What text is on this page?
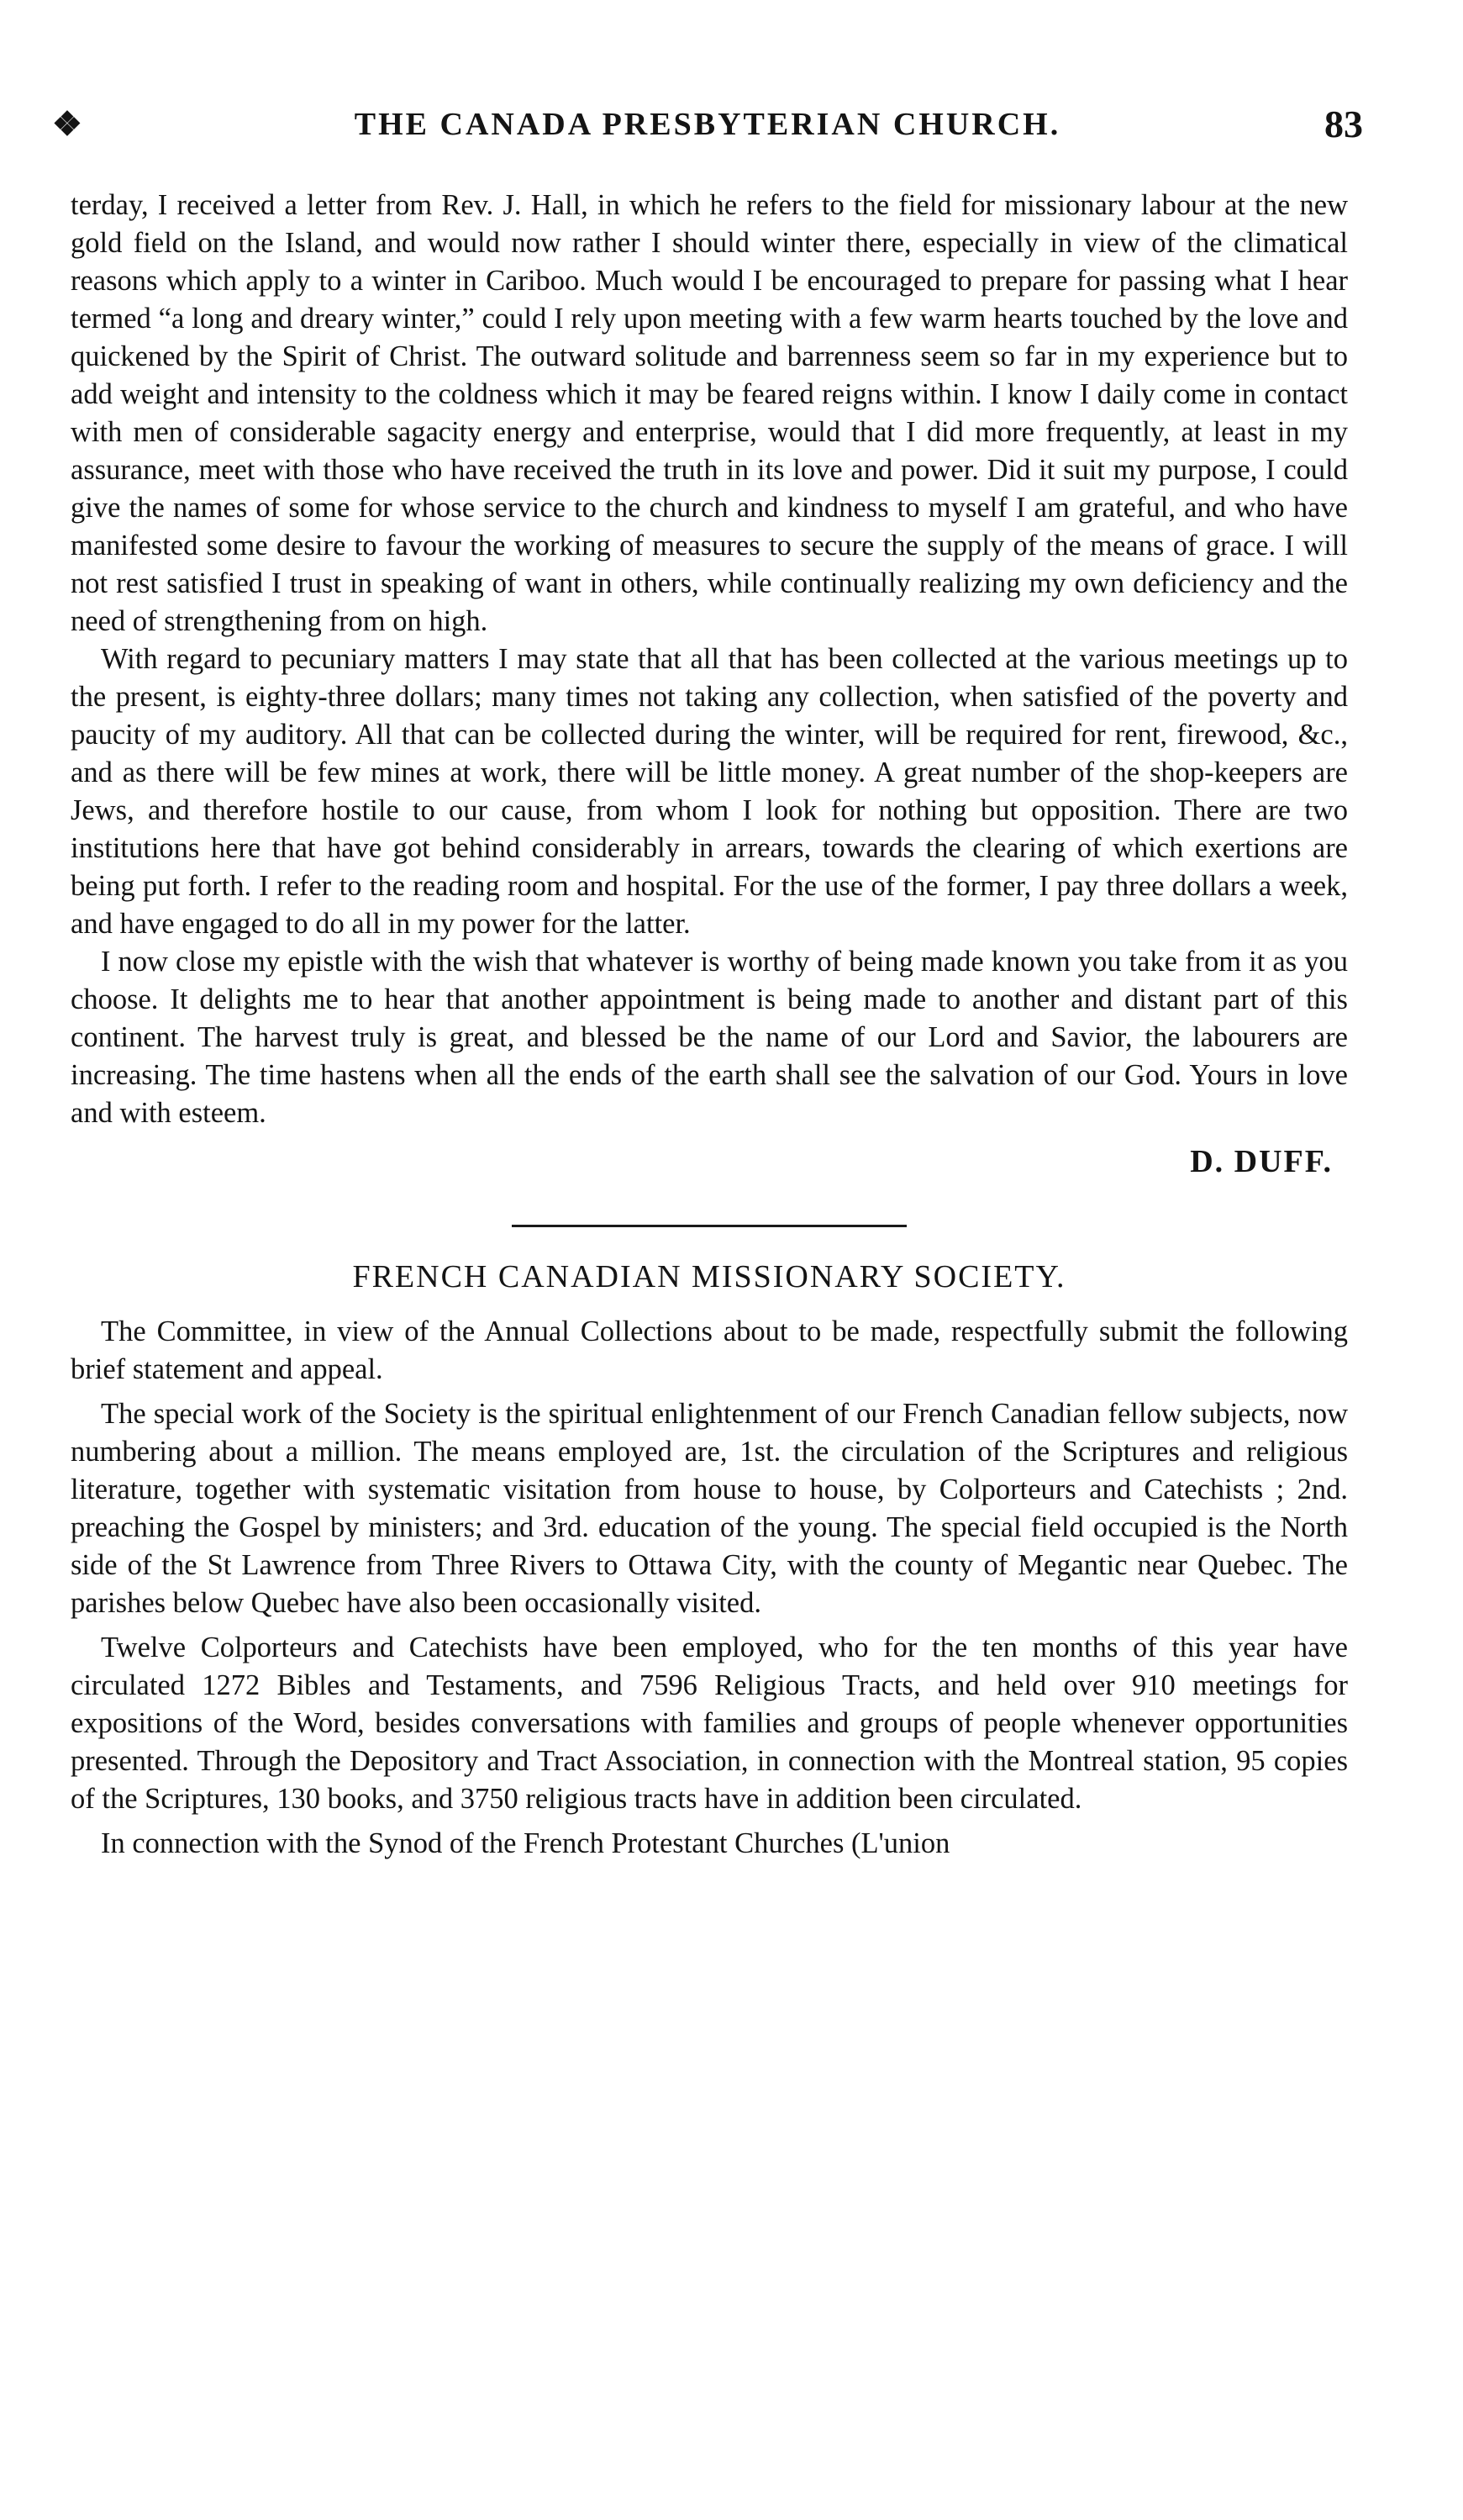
❖	THE CANADA PRESBYTERIAN CHURCH.	83

terday, I received a letter from Rev. J. Hall, in which he refers to the field for missionary labour at the new gold field on the Island, and would now rather I should winter there, especially in view of the climatical reasons which apply to a winter in Cariboo. Much would I be encouraged to prepare for passing what I hear termed “a long and dreary winter,” could I rely upon meeting with a few warm hearts touched by the love and quickened by the Spirit of Christ. The outward solitude and barrenness seem so far in my experience but to add weight and intensity to the coldness which it may be feared reigns within. I know I daily come in contact with men of considerable sagacity energy and enterprise, would that I did more frequently, at least in my assurance, meet with those who have received the truth in its love and power. Did it suit my purpose, I could give the names of some for whose service to the church and kindness to myself I am grateful, and who have manifested some desire to favour the working of measures to secure the supply of the means of grace. I will not rest satisfied I trust in speaking of want in others, while continually realizing my own deficiency and the need of strengthening from on high.

With regard to pecuniary matters I may state that all that has been collected at the various meetings up to the present, is eighty-three dollars; many times not taking any collection, when satisfied of the poverty and paucity of my auditory. All that can be collected during the winter, will be required for rent, firewood, &c., and as there will be few mines at work, there will be little money. A great number of the shop-keepers are Jews, and therefore hostile to our cause, from whom I look for nothing but opposition. There are two institutions here that have got behind considerably in arrears, towards the clearing of which exertions are being put forth. I refer to the reading room and hospital. For the use of the former, I pay three dollars a week, and have engaged to do all in my power for the latter.

I now close my epistle with the wish that whatever is worthy of being made known you take from it as you choose. It delights me to hear that another appointment is being made to another and distant part of this continent. The harvest truly is great, and blessed be the name of our Lord and Savior, the labourers are increasing. The time hastens when all the ends of the earth shall see the salvation of our God. Yours in love and with esteem.

D. DUFF.
FRENCH CANADIAN MISSIONARY SOCIETY.

The Committee, in view of the Annual Collections about to be made, respectfully submit the following brief statement and appeal.

The special work of the Society is the spiritual enlightenment of our French Canadian fellow subjects, now numbering about a million. The means employed are, 1st. the circulation of the Scriptures and religious literature, together with systematic visitation from house to house, by Colporteurs and Catechists ; 2nd. preaching the Gospel by ministers; and 3rd. education of the young. The special field occupied is the North side of the St Lawrence from Three Rivers to Ottawa City, with the county of Megantic near Quebec. The parishes below Quebec have also been occasionally visited.

Twelve Colporteurs and Catechists have been employed, who for the ten months of this year have circulated 1272 Bibles and Testaments, and 7596 Religious Tracts, and held over 910 meetings for expositions of the Word, besides conversations with families and groups of people whenever opportunities presented. Through the Depository and Tract Association, in connection with the Montreal station, 95 copies of the Scriptures, 130 books, and 3750 religious tracts have in addition been circulated.

In connection with the Synod of the French Protestant Churches (L'union
